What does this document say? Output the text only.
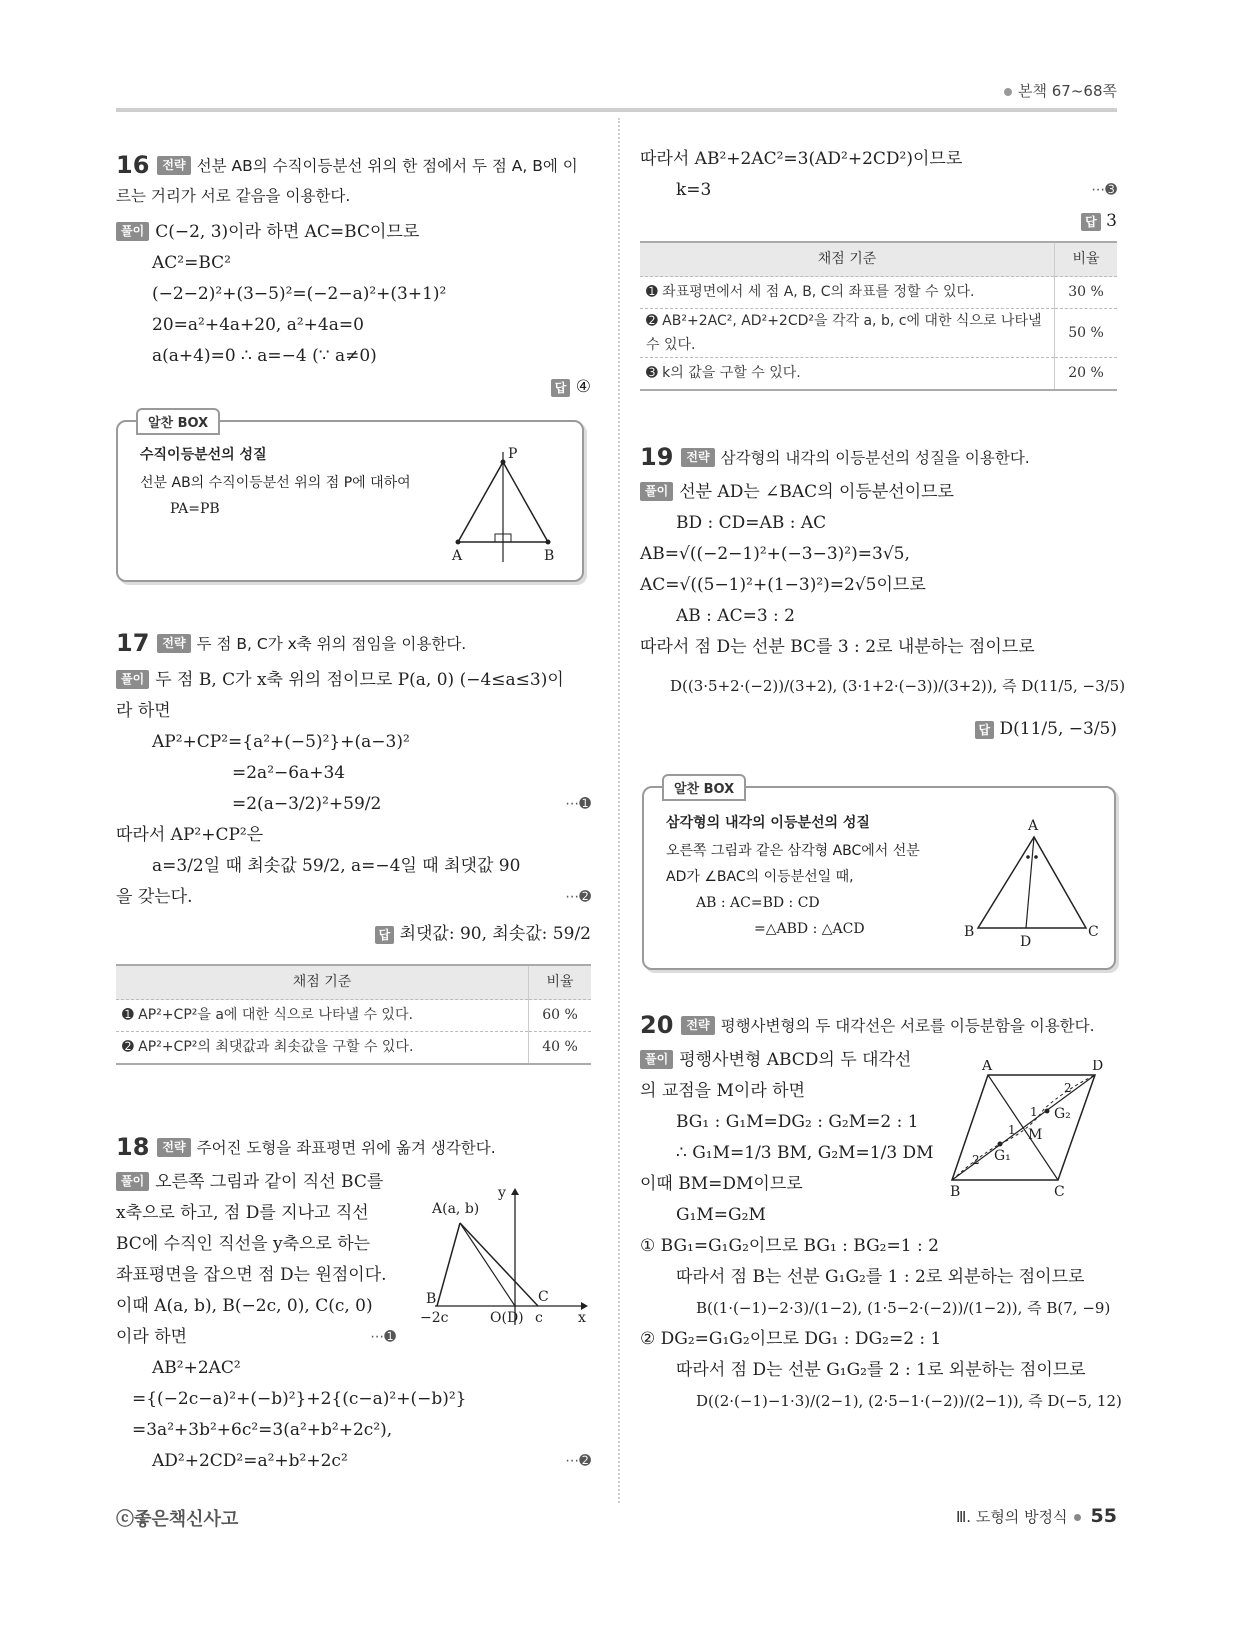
본책 67~68쪽

16 전략 선분 AB의 수직이등분선 위의 한 점에서 두 점 A, B에 이르는 거리가 서로 같음을 이용한다.

풀이 C(−2, 3)이라 하면 AC=BC이므로

AC²=BC²

(−2−2)²+(3−5)²=(−2−a)²+(3+1)²

20=a²+4a+20, a²+4a=0

a(a+4)=0 ∴ a=−4 (∵ a≠0)

답 ④

알찬 BOX
수직이등분선의 성질
선분 AB의 수직이등분선 위의 점 P에 대하여
PA=PB
P
A	B

17 전략 두 점 B, C가 x축 위의 점임을 이용한다.

풀이 두 점 B, C가 x축 위의 점이므로 P(a, 0) (−4≤a≤3)이

라 하면

AP²+CP²={a²+(−5)²}+(a−3)²

=2a²−6a+34

=2(a−3/2)²+59/2	⋯➊

따라서 AP²+CP²은

a=3/2일 때 최솟값 59/2, a=−4일 때 최댓값 90

을 갖는다.	⋯➋

답 최댓값: 90, 최솟값: 59/2

채점 기준	비율
➊ AP²+CP²을 a에 대한 식으로 나타낼 수 있다.	60 %
➋ AP²+CP²의 최댓값과 최솟값을 구할 수 있다.	40 %

18 전략 주어진 도형을 좌표평면 위에 옮겨 생각한다.

풀이 오른쪽 그림과 같이 직선 BC를

x축으로 하고, 점 D를 지나고 직선

BC에 수직인 직선을 y축으로 하는

좌표평면을 잡으면 점 D는 원점이다.

이때 A(a, b), B(−2c, 0), C(c, 0)

이라 하면	⋯➊

AB²+2AC²

={(−2c−a)²+(−b)²}+2{(c−a)²+(−b)²}

=3a²+3b²+6c²=3(a²+b²+2c²),

AD²+2CD²=a²+b²+2c²	⋯➋

A(a, b)
B	C
−2c	O(D) c	x
y

따라서 AB²+2AC²=3(AD²+2CD²)이므로

k=3	⋯➌

답 3

채점 기준	비율
➊ 좌표평면에서 세 점 A, B, C의 좌표를 정할 수 있다.	30 %
➋ AB²+2AC², AD²+2CD²을 각각 a, b, c에 대한 식으로 나타낼 수 있다.	50 %
➌ k의 값을 구할 수 있다.	20 %

19 전략 삼각형의 내각의 이등분선의 성질을 이용한다.

풀이 선분 AD는 ∠BAC의 이등분선이므로

BD : CD=AB : AC

AB=√((−2−1)²+(−3−3)²)=3√5,

AC=√((5−1)²+(1−3)²)=2√5이므로

AB : AC=3 : 2

따라서 점 D는 선분 BC를 3 : 2로 내분하는 점이므로

D((3·5+2·(−2))/(3+2), (3·1+2·(−3))/(3+2)), 즉 D(11/5, −3/5)

답 D(11/5, −3/5)

알찬 BOX
삼각형의 내각의 이등분선의 성질
오른쪽 그림과 같은 삼각형 ABC에서 선분
AD가 ∠BAC의 이등분선일 때,
AB : AC=BD : CD
=△ABD : △ACD
A
B	C
D

20 전략 평행사변형의 두 대각선은 서로를 이등분함을 이용한다.

풀이 평행사변형 ABCD의 두 대각선

의 교점을 M이라 하면

BG₁ : G₁M=DG₂ : G₂M=2 : 1

∴ G₁M=1/3 BM, G₂M=1/3 DM

이때 BM=DM이므로

G₁M=G₂M

① BG₁=G₁G₂이므로 BG₁ : BG₂=1 : 2

따라서 점 B는 선분 G₁G₂를 1 : 2로 외분하는 점이므로

B((1·(−1)−2·3)/(1−2), (1·5−2·(−2))/(1−2)), 즉 B(7, −9)

② DG₂=G₁G₂이므로 DG₁ : DG₂=2 : 1

따라서 점 D는 선분 G₁G₂를 2 : 1로 외분하는 점이므로

D((2·(−1)−1·3)/(2−1), (2·5−1·(−2))/(2−1)), 즉 D(−5, 12)

A	D
B	C
M
G₁
G₂
2
1
1
2
ⓒ좋은책신사고	Ⅲ. 도형의 방정식 55
